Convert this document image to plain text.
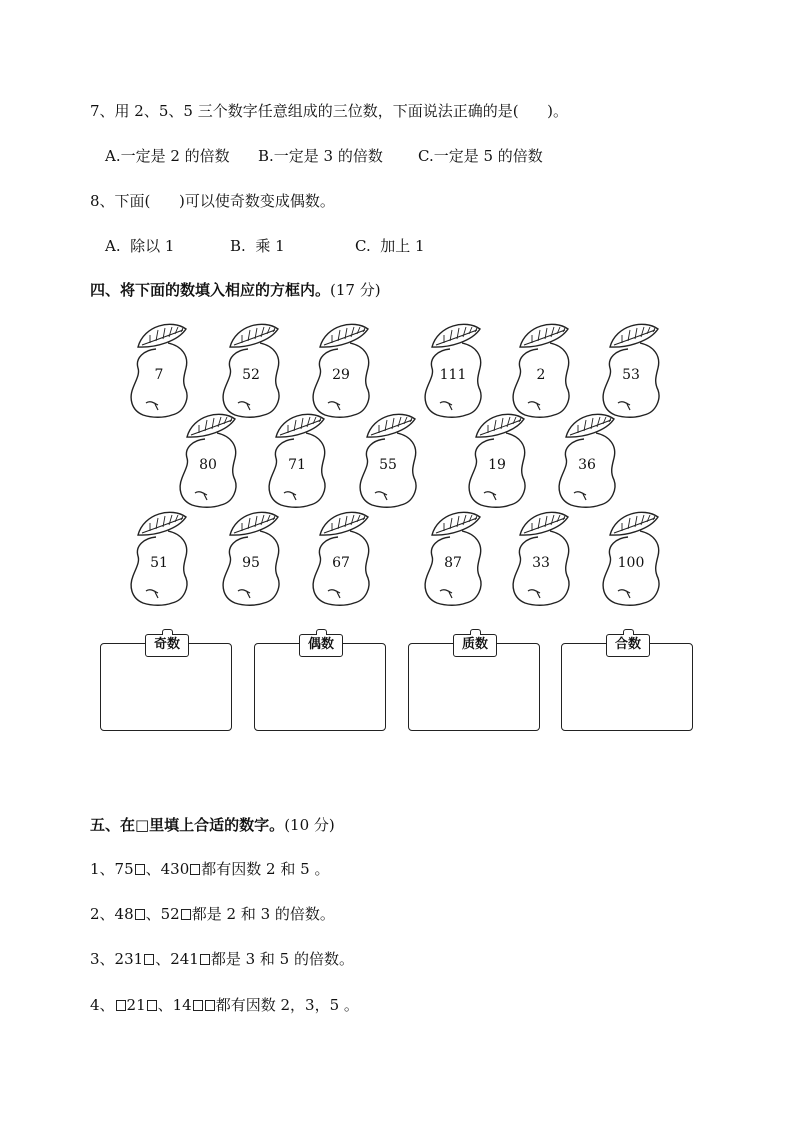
7、用 2、5、5 三个数字任意组成的三位数，下面说法正确的是(      )。
A.一定是 2 的倍数 B.一定是 3 的倍数 C.一定是 5 的倍数
8、下面(      )可以使奇数变成偶数。
A.  除以 1	B.  乘 1	C.  加上 1
四、将下面的数填入相应的方框内。(17 分)
7	52	29	111	2	53
80	71	55	19	36
51	95	67	87	33	100
奇数	偶数	质数	合数
五、在□里填上合适的数字。(10 分)
1、75 、430 都有因数 2 和 5 。
2、48 、52 都是 2 和 3 的倍数。
3、231 、241 都是 3 和 5 的倍数。
4、 21 、14 都有因数 2，3，5 。
